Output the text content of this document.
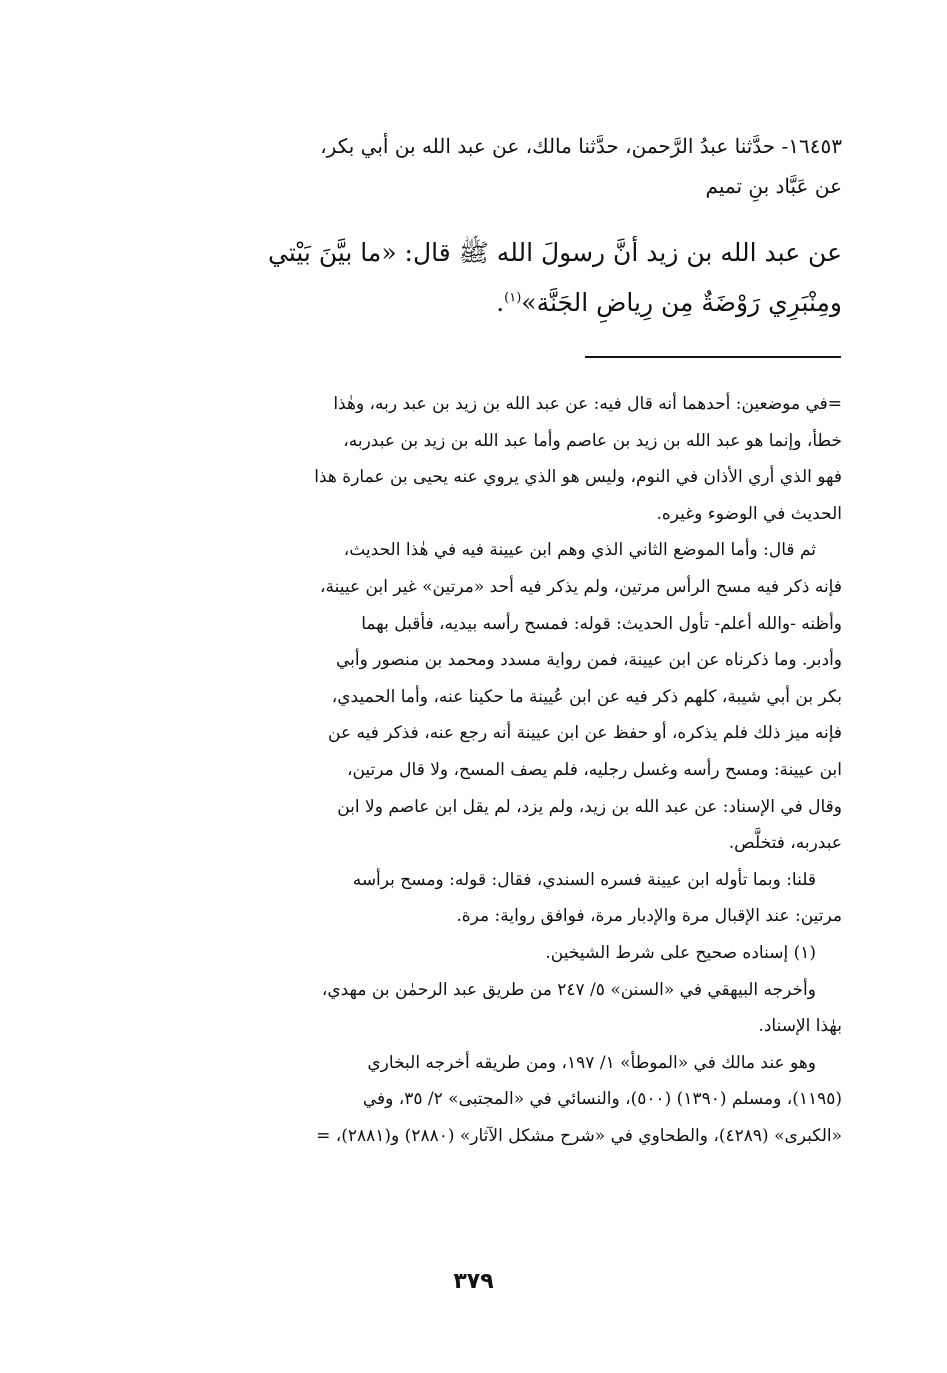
١٦٤٥٣- حدَّثنا عبدُ الرَّحمن، حدَّثنا مالك، عن عبد الله بن أبي بكر،
عن عَبَّاد بنِ تميم
عن عبد الله بن زيد أنَّ رسولَ الله ﷺ قال: «ما بيَّنَ بَيْتي
ومِنْبَرِي رَوْضَةٌ مِن رِياضِ الجَنَّة»$^{(١)}$.
=في موضعين: أحدهما أنه قال فيه: عن عبد الله بن زيد بن عبد ربه، وهٰذا
خطأ، وإنما هو عبد الله بن زيد بن عاصم وأما عبد الله بن زيد بن عبدربه،
فهو الذي أري الأذان في النوم، وليس هو الذي يروي عنه يحيى بن عمارة هذا
الحديث في الوضوء وغيره.
ثم قال: وأما الموضع الثاني الذي وهم ابن عيينة فيه في هٰذا الحديث،
فإنه ذكر فيه مسح الرأس مرتين، ولم يذكر فيه أحد «مرتين» غير ابن عيينة،
وأظنه -والله أعلم- تأول الحديث: قوله: فمسح رأسه بيديه، فأقبل بهما
وأدبر. وما ذكرناه عن ابن عيينة، فمن رواية مسدد ومحمد بن منصور وأبي
بكر بن أبي شيبة، كلهم ذكر فيه عن ابن عُيينة ما حكينا عنه، وأما الحميدي،
فإنه ميز ذلك فلم يذكره، أو حفظ عن ابن عيينة أنه رجع عنه، فذكر فيه عن
ابن عيينة: ومسح رأسه وغسل رجليه، فلم يصف المسح، ولا قال مرتين،
وقال في الإسناد: عن عبد الله بن زيد، ولم يزد، لم يقل ابن عاصم ولا ابن
عبدربه، فتخلَّص.
قلنا: وبما تأوله ابن عيينة فسره السندي، فقال: قوله: ومسح برأسه
مرتين: عند الإقبال مرة والإدبار مرة، فوافق رواية: مرة.
(١) إسناده صحيح على شرط الشيخين.
وأخرجه البيهقي في «السنن» ٥/ ٢٤٧ من طريق عبد الرحمٰن بن مهدي،
بهٰذا الإسناد.
وهو عند مالك في «الموطأ» ١/ ١٩٧، ومن طريقه أخرجه البخاري
(١١٩٥)، ومسلم (١٣٩٠) (٥٠٠)، والنسائي في «المجتبى» ٢/ ٣٥، وفي
«الكبرى» (٤٢٨٩)، والطحاوي في «شرح مشكل الآثار» (٢٨٨٠) و(٢٨٨١)، =
٣٧٩
